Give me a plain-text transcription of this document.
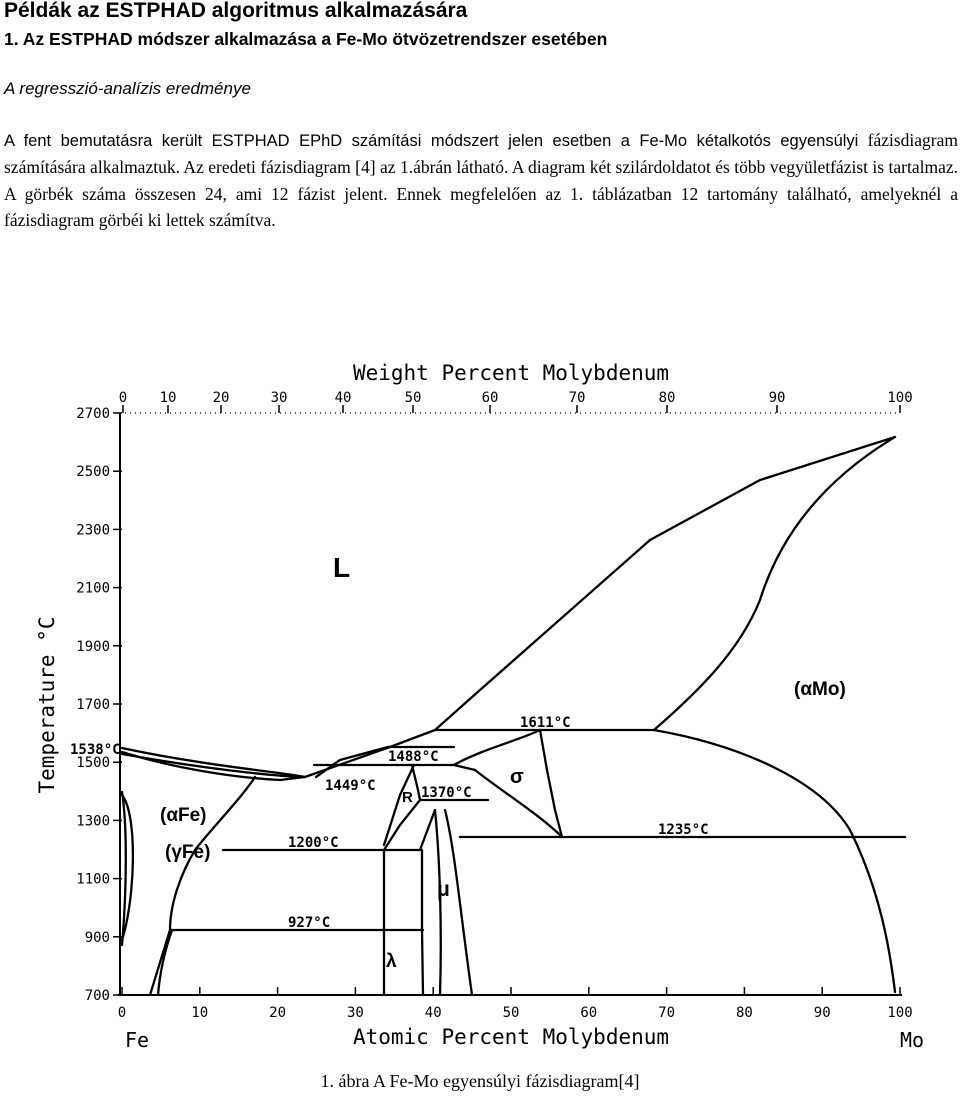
Példák az ESTPHAD algoritmus alkalmazására
1. Az ESTPHAD módszer alkalmazása a Fe-Mo ötvözetrendszer esetében

A regresszió-analízis eredménye

A fent bemutatásra került ESTPHAD EPhD számítási módszert jelen esetben a Fe-Mo kétalkotós egyensúlyi fázisdiagram számítására alkalmaztuk. Az eredeti fázisdiagram [4] az 1.ábrán látható. A diagram két szilárdoldatot és több vegyületfázist is tartalmaz. A görbék száma összesen 24, ami 12 fázist jelent. Ennek megfelelően az 1. táblázatban 12 tartomány található, amelyeknél a fázisdiagram görbéi ki lettek számítva.

Weight Percent Molybdenum
Atomic Percent Molybdenum
Temperature °C
Fe	Mo
0 10	20	30	40	50	60	70	80	90	100
0	10	20	30	40	50	60	70	80	90	100
2700
2500
2300
2100
1900
1700
1500
1300
1100
900
700
L
(αMo)
(αFe)
(γFe)
σ
μ
λ
R
1538°C
1611°C
1488°C
1449°C	1370°C
1235°C
1200°C
927°C
1. ábra A Fe-Mo egyensúlyi fázisdiagram[4]
